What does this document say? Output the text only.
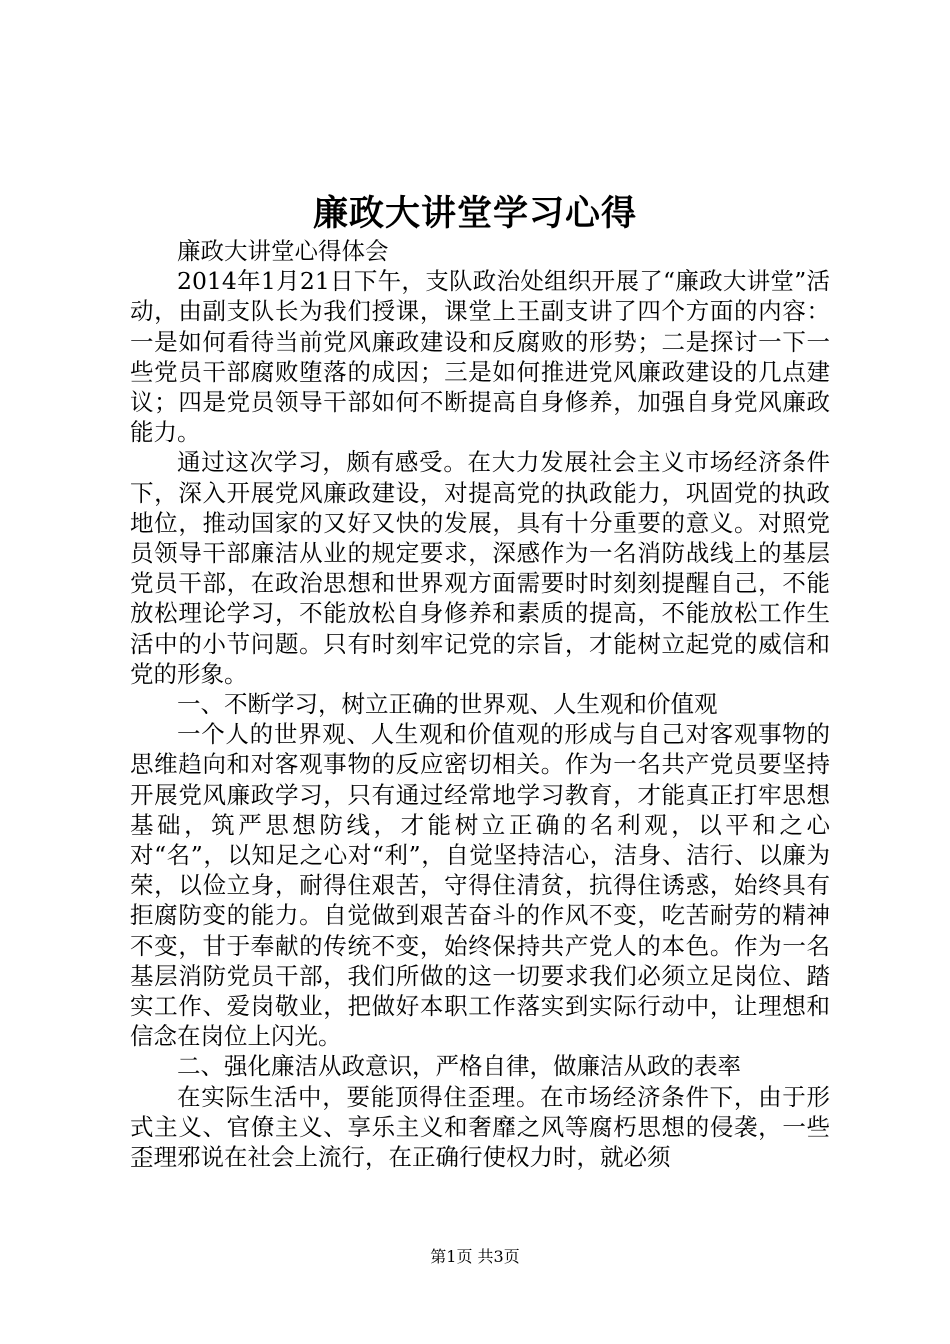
廉政大讲堂学习心得

廉政大讲堂心得体会

2014年1月21日下午，支队政治处组织开展了“廉政大讲堂”活动，由副支队长为我们授课，课堂上王副支讲了四个方面的内容：一是如何看待当前党风廉政建设和反腐败的形势；二是探讨一下一些党员干部腐败堕落的成因；三是如何推进党风廉政建设的几点建议；四是党员领导干部如何不断提高自身修养，加强自身党风廉政能力。

通过这次学习，颇有感受。在大力发展社会主义市场经济条件下，深入开展党风廉政建设，对提高党的执政能力，巩固党的执政地位，推动国家的又好又快的发展，具有十分重要的意义。对照党员领导干部廉洁从业的规定要求，深感作为一名消防战线上的基层党员干部，在政治思想和世界观方面需要时时刻刻提醒自己，不能放松理论学习，不能放松自身修养和素质的提高，不能放松工作生活中的小节问题。只有时刻牢记党的宗旨，才能树立起党的威信和党的形象。

一、不断学习，树立正确的世界观、人生观和价值观

一个人的世界观、人生观和价值观的形成与自己对客观事物的思维趋向和对客观事物的反应密切相关。作为一名共产党员要坚持开展党风廉政学习，只有通过经常地学习教育，才能真正打牢思想基础，筑严思想防线，才能树立正确的名利观，以平和之心对“名”，以知足之心对“利”，自觉坚持洁心，洁身、洁行、以廉为荣，以俭立身，耐得住艰苦，守得住清贫，抗得住诱惑，始终具有拒腐防变的能力。自觉做到艰苦奋斗的作风不变，吃苦耐劳的精神不变，甘于奉献的传统不变，始终保持共产党人的本色。作为一名基层消防党员干部，我们所做的这一切要求我们必须立足岗位、踏实工作、爱岗敬业，把做好本职工作落实到实际行动中，让理想和信念在岗位上闪光。

二、强化廉洁从政意识，严格自律，做廉洁从政的表率

在实际生活中，要能顶得住歪理。在市场经济条件下，由于形式主义、官僚主义、享乐主义和奢靡之风等腐朽思想的侵袭，一些歪理邪说在社会上流行，在正确行使权力时，就必须

第1页 共3页
